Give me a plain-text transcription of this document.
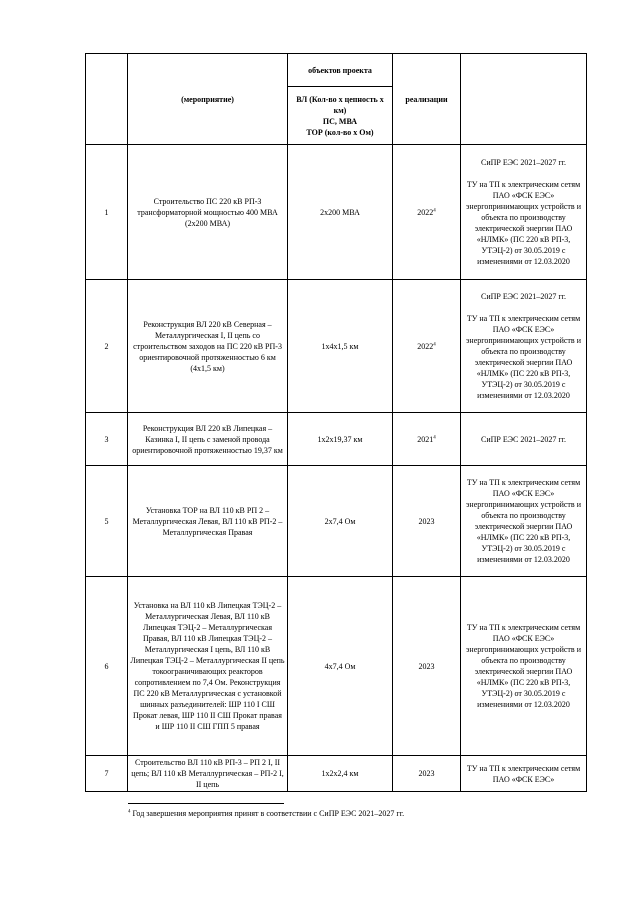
	(мероприятие)	объектов проекта	реализации	
		ВЛ (Кол-во х цепность х км)
ПС, МВА
ТОР (кол-во х Ом)		
1	Строительство ПС 220 кВ РП-3 трансформаторной мощностью 400 МВА (2х200 МВА)	2х200 МВА	2022$^4$	СиПР ЕЭС 2021–2027 гг.

ТУ на ТП к электрическим сетям ПАО «ФСК ЕЭС» энергопринимающих устройств и объекта по производству электрической энергии ПАО «НЛМК» (ПС 220 кВ РП-3, УТЭЦ-2) от 30.05.2019 с изменениями от 12.03.2020
2	Реконструкция ВЛ 220 кВ Северная – Металлургическая I, II цепь со строительством заходов на ПС 220 кВ РП-3 ориентировочной протяженностью 6 км (4х1,5 км)	1х4х1,5 км	2022$^4$	СиПР ЕЭС 2021–2027 гг.

ТУ на ТП к электрическим сетям ПАО «ФСК ЕЭС» энергопринимающих устройств и объекта по производству электрической энергии ПАО «НЛМК» (ПС 220 кВ РП-3, УТЭЦ-2) от 30.05.2019 с изменениями от 12.03.2020
3	Реконструкция ВЛ 220 кВ Липецкая – Казинка I, II цепь с заменой провода ориентировочной протяженностью 19,37 км	1х2х19,37 км	2021$^4$	СиПР ЕЭС 2021–2027 гг.
5	Установка ТОР на ВЛ 110 кВ РП 2 – Металлургическая Левая, ВЛ 110 кВ РП-2 – Металлургическая Правая	2х7,4 Ом	2023	ТУ на ТП к электрическим сетям ПАО «ФСК ЕЭС» энергопринимающих устройств и объекта по производству электрической энергии ПАО «НЛМК» (ПС 220 кВ РП-3, УТЭЦ-2) от 30.05.2019 с изменениями от 12.03.2020
6	Установка на ВЛ 110 кВ Липецкая ТЭЦ-2 – Металлургическая Левая, ВЛ 110 кВ Липецкая ТЭЦ-2 – Металлургическая Правая, ВЛ 110 кВ Липецкая ТЭЦ-2 – Металлургическая I цепь, ВЛ 110 кВ Липецкая ТЭЦ-2 – Металлургическая II цепь токоограничивающих реакторов сопротивлением по 7,4 Ом. Реконструкция ПС 220 кВ Металлургическая с установкой шинных разъединителей: ШР 110 I СШ Прокат левая, ШР 110 II СШ Прокат правая и ШР 110 II СШ ГПП 5 правая	4х7,4 Ом	2023	ТУ на ТП к электрическим сетям ПАО «ФСК ЕЭС» энергопринимающих устройств и объекта по производству электрической энергии ПАО «НЛМК» (ПС 220 кВ РП-3, УТЭЦ-2) от 30.05.2019 с изменениями от 12.03.2020
7	Строительство ВЛ 110 кВ РП-3 – РП 2 I, II цепь; ВЛ 110 кВ Металлургическая – РП-2 I, II цепь	1х2х2,4 км	2023	ТУ на ТП к электрическим сетям ПАО «ФСК ЕЭС»
$^4$ Год завершения мероприятия принят в соответствии с СиПР ЕЭС 2021–2027 гг.
